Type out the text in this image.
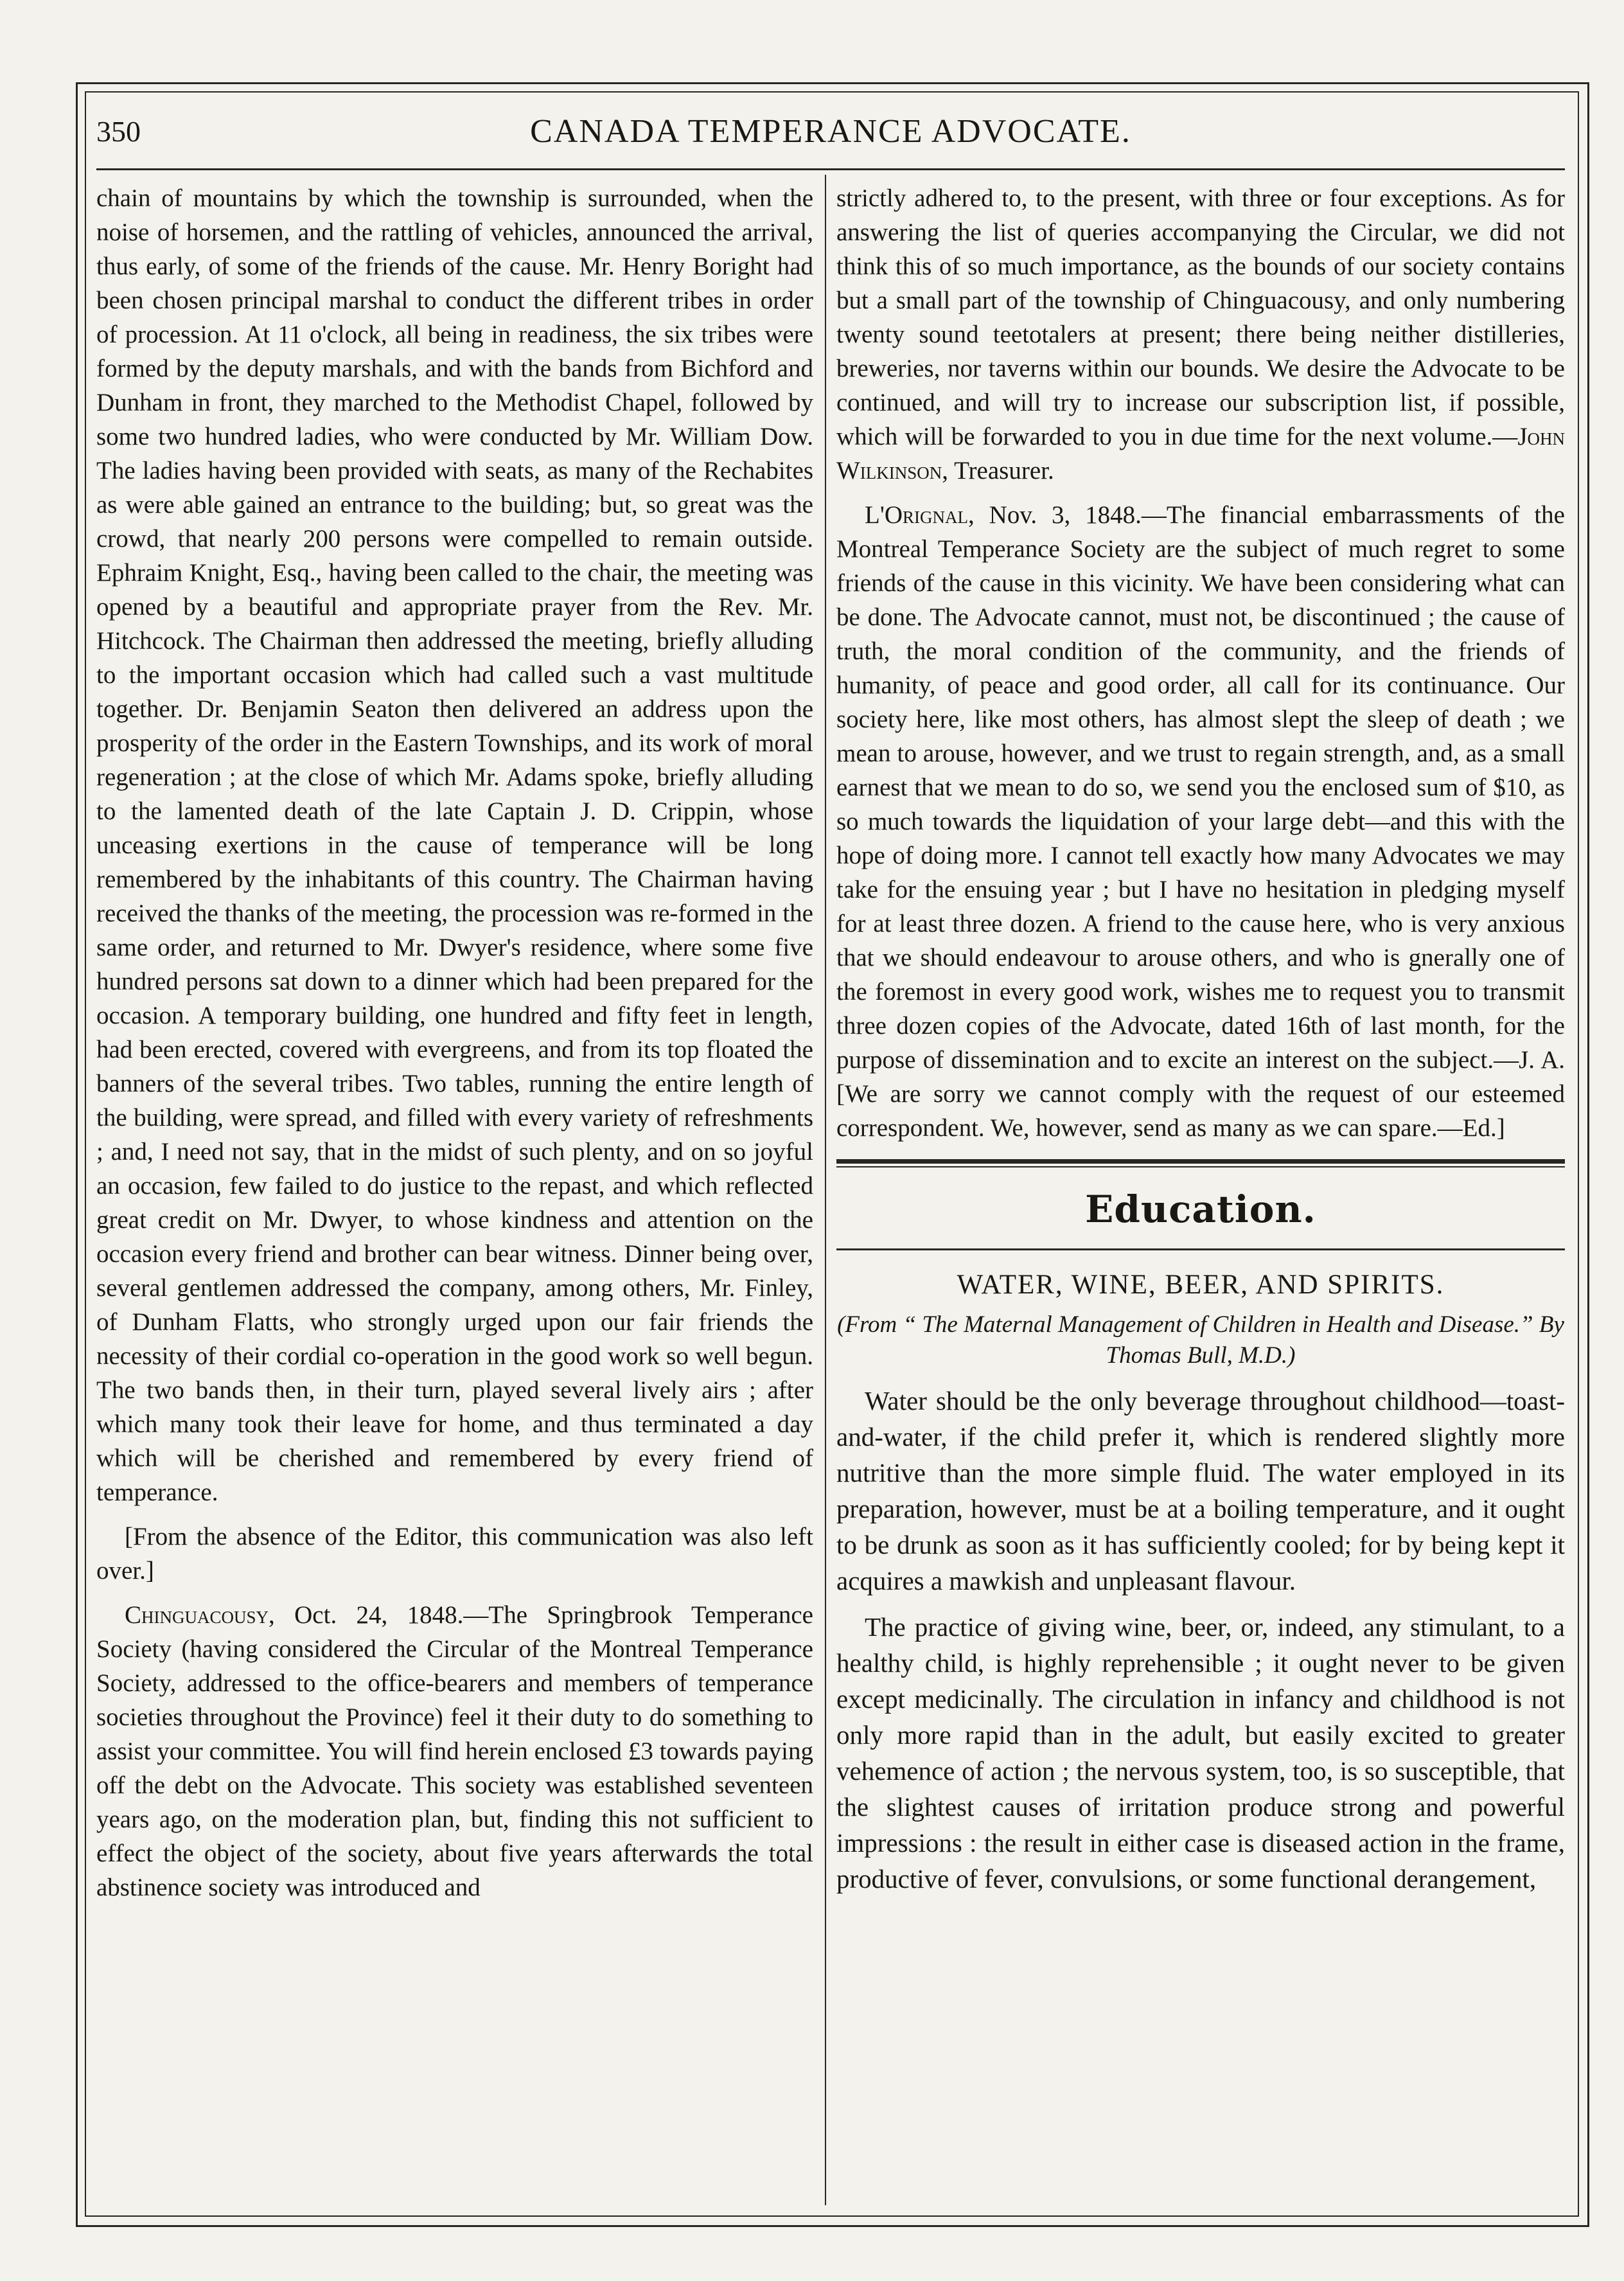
350	CANADA TEMPERANCE ADVOCATE.

chain of mountains by which the township is surrounded, when the noise of horsemen, and the rattling of vehicles, announced the arrival, thus early, of some of the friends of the cause. Mr. Henry Boright had been chosen principal marshal to conduct the different tribes in order of procession. At 11 o'clock, all being in readiness, the six tribes were formed by the deputy marshals, and with the bands from Bichford and Dunham in front, they marched to the Methodist Chapel, followed by some two hundred ladies, who were conducted by Mr. William Dow. The ladies having been provided with seats, as many of the Rechabites as were able gained an entrance to the building; but, so great was the crowd, that nearly 200 persons were compelled to remain outside. Ephraim Knight, Esq., having been called to the chair, the meeting was opened by a beautiful and appropriate prayer from the Rev. Mr. Hitchcock. The Chairman then addressed the meeting, briefly alluding to the important occasion which had called such a vast multitude together. Dr. Benjamin Seaton then delivered an address upon the prosperity of the order in the Eastern Townships, and its work of moral regeneration ; at the close of which Mr. Adams spoke, briefly alluding to the lamented death of the late Captain J. D. Crippin, whose unceasing exertions in the cause of temperance will be long remembered by the inhabitants of this country. The Chairman having received the thanks of the meeting, the procession was re-formed in the same order, and returned to Mr. Dwyer's residence, where some five hundred persons sat down to a dinner which had been prepared for the occasion. A temporary building, one hundred and fifty feet in length, had been erected, covered with evergreens, and from its top floated the banners of the several tribes. Two tables, running the entire length of the building, were spread, and filled with every variety of refreshments ; and, I need not say, that in the midst of such plenty, and on so joyful an occasion, few failed to do justice to the repast, and which reflected great credit on Mr. Dwyer, to whose kindness and attention on the occasion every friend and brother can bear witness. Dinner being over, several gentlemen addressed the company, among others, Mr. Finley, of Dunham Flatts, who strongly urged upon our fair friends the necessity of their cordial co-operation in the good work so well begun. The two bands then, in their turn, played several lively airs ; after which many took their leave for home, and thus terminated a day which will be cherished and remembered by every friend of temperance.

[From the absence of the Editor, this communication was also left over.]

Chinguacousy, Oct. 24, 1848.—The Springbrook Temperance Society (having considered the Circular of the Montreal Temperance Society, addressed to the office-bearers and members of temperance societies throughout the Province) feel it their duty to do something to assist your committee. You will find herein enclosed £3 towards paying off the debt on the Advocate. This society was established seventeen years ago, on the moderation plan, but, finding this not sufficient to effect the object of the society, about five years afterwards the total abstinence society was introduced and

strictly adhered to, to the present, with three or four exceptions. As for answering the list of queries accompanying the Circular, we did not think this of so much importance, as the bounds of our society contains but a small part of the township of Chinguacousy, and only numbering twenty sound teetotalers at present; there being neither distilleries, breweries, nor taverns within our bounds. We desire the Advocate to be continued, and will try to increase our subscription list, if possible, which will be forwarded to you in due time for the next volume.—John Wilkinson, Treasurer.

L'Orignal, Nov. 3, 1848.—The financial embarrassments of the Montreal Temperance Society are the subject of much regret to some friends of the cause in this vicinity. We have been considering what can be done. The Advocate cannot, must not, be discontinued ; the cause of truth, the moral condition of the community, and the friends of humanity, of peace and good order, all call for its continuance. Our society here, like most others, has almost slept the sleep of death ; we mean to arouse, however, and we trust to regain strength, and, as a small earnest that we mean to do so, we send you the enclosed sum of $10, as so much towards the liquidation of your large debt—and this with the hope of doing more. I cannot tell exactly how many Advocates we may take for the ensuing year ; but I have no hesitation in pledging myself for at least three dozen. A friend to the cause here, who is very anxious that we should endeavour to arouse others, and who is gnerally one of the foremost in every good work, wishes me to request you to transmit three dozen copies of the Advocate, dated 16th of last month, for the purpose of dissemination and to excite an interest on the subject.—J. A. [We are sorry we cannot comply with the request of our esteemed correspondent. We, however, send as many as we can spare.—Ed.]

Education.
WATER, WINE, BEER, AND SPIRITS.

(From “ The Maternal Management of Children in Health and Disease.” By Thomas Bull, M.D.)

Water should be the only beverage throughout childhood—toast-and-water, if the child prefer it, which is rendered slightly more nutritive than the more simple fluid. The water employed in its preparation, however, must be at a boiling temperature, and it ought to be drunk as soon as it has sufficiently cooled; for by being kept it acquires a mawkish and unpleasant flavour.

The practice of giving wine, beer, or, indeed, any stimulant, to a healthy child, is highly reprehensible ; it ought never to be given except medicinally. The circulation in infancy and childhood is not only more rapid than in the adult, but easily excited to greater vehemence of action ; the nervous system, too, is so susceptible, that the slightest causes of irritation produce strong and powerful impressions : the result in either case is diseased action in the frame, productive of fever, convulsions, or some functional derangement,
